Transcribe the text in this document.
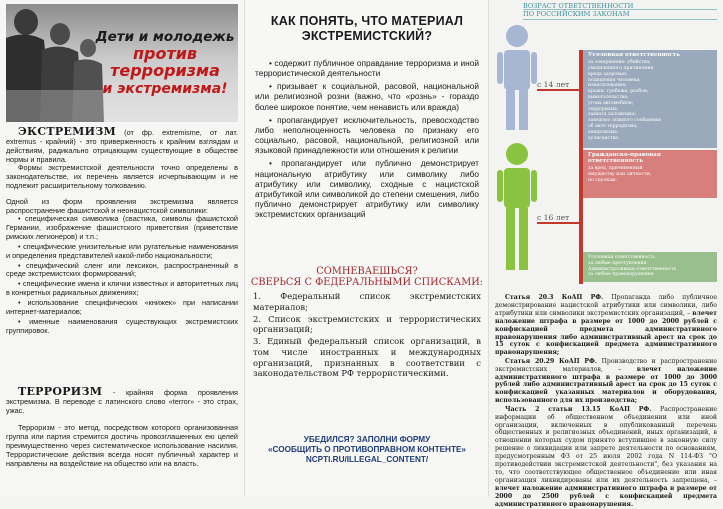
Дети и молодежь
против терроризма
и экстремизма!
ЭКСТРЕМИЗМ (от фр. extremisme, от лат. extremus - крайний) - это приверженность к крайним взглядам и действиям, радикально отрицающим существующие в обществе нормы и правила.
Формы экстремистской деятельности точно определены в законодательстве, их перечень является исчерпывающим и не подлежит расширительному толкованию.
Одной из форм проявления экстремизма является распространение фашистской и неонацистской символики:

• специфическая символика (свастика, символы фашистской Германии, изображение фашистского приветствия (приветствие римских легионеров) и т.п.;

• специфические унизительные или ругательные наименования и определения представителей какой-либо национальности;

• специфический сленг или лексикон, распространенный в среде экстремистских формирований;

• специфические имена и клички известных и авторитетных лиц в конкретных радикальных движениях;

• использование специфических «книжек» при написании интернет-материалов;

• именные наименования существующих экстремистских группировок.

ТЕРРОРИЗМ - крайняя форма проявления экстремизма. В переводе с латинского слово «terror» - это страх, ужас.
Терроризм - это метод, посредством которого организованная группа или партия стремится достичь провозглашенных ею целей преимущественно через систематическое использование насилия. Террористические действия всегда носят публичный характер и направлены на воздействие на общество или на власть.
КАК ПОНЯТЬ, ЧТО МАТЕРИАЛ
ЭКСТРЕМИСТСКИЙ?

• содержит публичное оправдание терроризма и иной террористической деятельности

• призывает к социальной, расовой, национальной или религиозной розни (важно, что «рознь» - гораздо более широкое понятие, чем ненависть или вражда)

• пропагандирует исключительность, превосходство либо неполноценность человека по признаку его социально, расовой, национальной, религиозной или языковой принадлежности или отношения к религии

• пропагандирует или публично демонстрирует национальную атрибутику или символику либо атрибутику или символику, сходные с нацистской атрибутикой или символикой до степени смешения, либо публично демонстрирует атрибутику или символику экстремистских организаций

СОМНЕВАЕШЬСЯ?
СВЕРЬСЯ С ФЕДЕРАЛЬНЫМИ СПИСКАМИ:

1. Федеральный список экстремистских материалов;

2. Список экстремистских и террористических организаций;

3. Единый федеральный список организаций, в том числе иностранных и международных организаций, признанных в соответствии с законодательством РФ террористическими.

УБЕДИЛСЯ? ЗАПОЛНИ ФОРМУ
«СООБЩИТЬ О ПРОТИВОПРАВНОМ КОНТЕНТЕ»
NCPTI.RU/ILLEGAL_CONTENT/
ВОЗРАСТ ОТВЕТСТВЕННОСТИ
ПО РОССИЙСКИМ ЗАКОНАМ
с 14 лет
с 16 лет
Уголовная ответственность
за совершение: убийства;
умышленного причинения
вреда здоровью;
похищения человека;
изнасилования;
кражи, грабежа, разбоя;
вымогательства;
угона автомобиля;
терроризма;
захвата заложника;
заведомо ложного сообщения
об акте терроризма;
вандализма;
хулиганства.
Гражданско-правовая ответственность
за вред, причиненный
имуществу или личности;
по сделкам.
Уголовная ответственность
за любые преступления
Административная ответственность
за любые правонарушения

Статья 20.3 КоАП РФ. Пропаганда либо публичное демонстрирование нацистской атрибутики или символики, либо атрибутики или символики экстремистских организаций, – влечет наложение штрафа в размере от 1000 до 2000 рублей с конфискацией предмета административного правонарушения либо административный арест на срок до 15 суток с конфискацией предмета административного правонарушения;

Статья 20.29 КоАП РФ. Производство и распространение экстремистских материалов, – влечет наложение административного штрафа в размере от 1000 до 3000 рублей либо административный арест на срок до 15 суток с конфискацией указанных материалов и оборудования, использованного для их производства;

Часть 2 статьи 13.15 КоАП РФ. Распространение информации об общественном объединении или иной организации, включенных в опубликованный перечень общественных и религиозных объединений, иных организаций, в отношении которых судом принято вступившее в законную силу решение о ликвидации или запрете деятельности по основаниям, предусмотренным ФЗ от 25 июля 2002 года N 114-ФЗ "О противодействии экстремистской деятельности", без указания на то, что соответствующее общественное объединение или иная организация ликвидированы или их деятельность запрещена, – влечет наложение административного штрафа в размере от 2000 до 2500 рублей с конфискацией предмета административного правонарушения.
